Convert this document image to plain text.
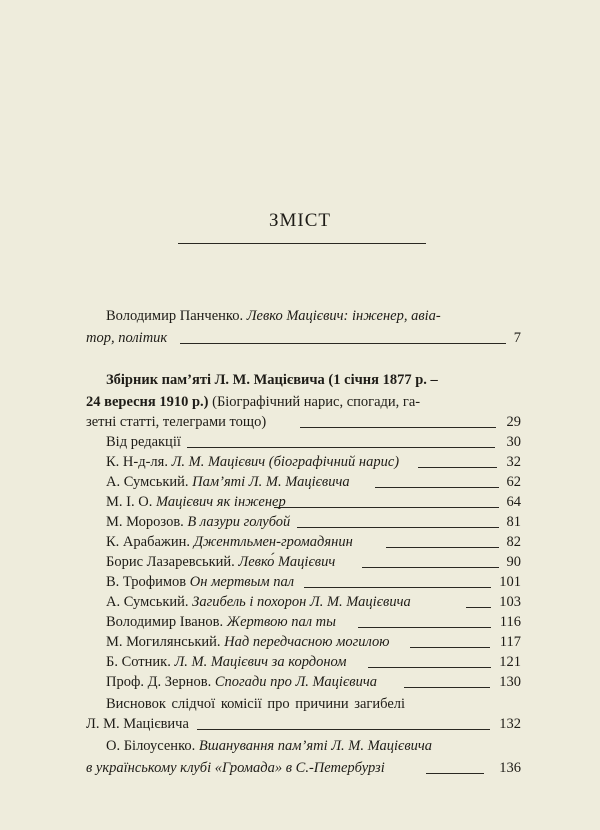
ЗМІСТ
Володимир Панченко. Левко Мацієвич: інженер, авіа-
тор, політик	7
Збірник пам’яті Л. М. Мацієвича (1 січня 1877 р. –
24 вересня 1910 р.) (Біографічний нарис, спогади, га-
зетні статті, телеграми тощо)	29
Від редакції	30
К. Н-д-ля. Л. М. Мацієвич (біографічний нарис)	32
А. Сумський. Пам’яті Л. М. Мацієвича	62
М. І. О. Мацієвич як інженер	64
М. Морозов. В лазури голубой	81
К. Арабажин. Джентльмен-громадянин	82
Борис Лазаревський. Левко́ Мацієвич	90
В. Трофимов Он мертвым пал	101
А. Сумський. Загибель і похорон Л. М. Мацієвича	103
Володимир Іванов. Жертвою пал ты	116
М. Могилянський. Над передчасною могилою	117
Б. Сотник. Л. М. Мацієвич за кордоном	121
Проф. Д. Зернов. Спогади про Л. Мацієвича	130
Висновок слідчої комісії про причини загибелі
Л. М. Мацієвича	132
О. Білоусенко. Вшанування пам’яті Л. М. Мацієвича
в українському клубі «Громада» в С.-Петербурзі	136
